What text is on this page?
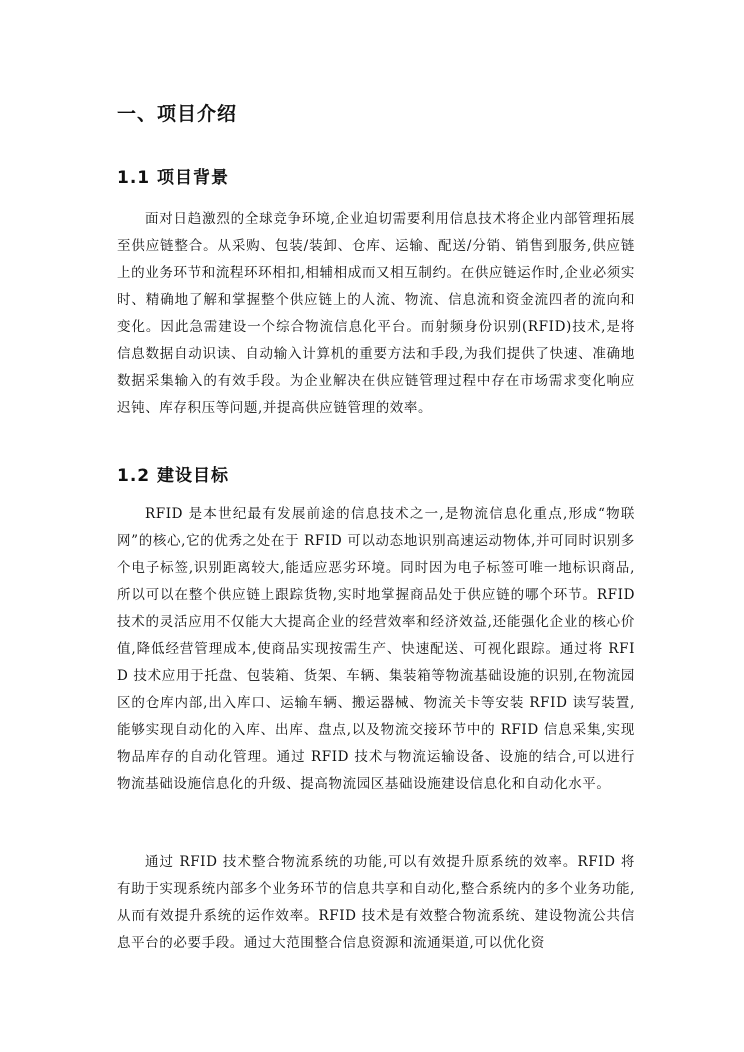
一、项目介绍
1.1 项目背景

面对日趋激烈的全球竞争环境,企业迫切需要利用信息技术将企业内部管理拓展至供应链整合。从采购、包装/装卸、仓库、运输、配送/分销、销售到服务,供应链上的业务环节和流程环环相扣,相辅相成而又相互制约。在供应链运作时,企业必须实时、精确地了解和掌握整个供应链上的人流、物流、信息流和资金流四者的流向和变化。因此急需建设一个综合物流信息化平台。而射频身份识别(RFID)技术,是将信息数据自动识读、自动输入计算机的重要方法和手段,为我们提供了快速、准确地数据采集输入的有效手段。为企业解决在供应链管理过程中存在市场需求变化响应迟钝、库存积压等问题,并提高供应链管理的效率。

1.2 建设目标

RFID 是本世纪最有发展前途的信息技术之一,是物流信息化重点,形成“物联网”的核心,它的优秀之处在于 RFID 可以动态地识别高速运动物体,并可同时识别多个电子标签,识别距离较大,能适应恶劣环境。同时因为电子标签可唯一地标识商品,所以可以在整个供应链上跟踪货物,实时地掌握商品处于供应链的哪个环节。RFID 技术的灵活应用不仅能大大提高企业的经营效率和经济效益,还能强化企业的核心价值,降低经营管理成本,使商品实现按需生产、快速配送、可视化跟踪。通过将 RFID 技术应用于托盘、包装箱、货架、车辆、集装箱等物流基础设施的识别,在物流园区的仓库内部,出入库口、运输车辆、搬运器械、物流关卡等安装 RFID 读写装置,能够实现自动化的入库、出库、盘点,以及物流交接环节中的 RFID 信息采集,实现物品库存的自动化管理。通过 RFID 技术与物流运输设备、设施的结合,可以进行物流基础设施信息化的升级、提高物流园区基础设施建设信息化和自动化水平。

通过 RFID 技术整合物流系统的功能,可以有效提升原系统的效率。RFID 将有助于实现系统内部多个业务环节的信息共享和自动化,整合系统内的多个业务功能,从而有效提升系统的运作效率。RFID 技术是有效整合物流系统、建设物流公共信息平台的必要手段。通过大范围整合信息资源和流通渠道,可以优化资
